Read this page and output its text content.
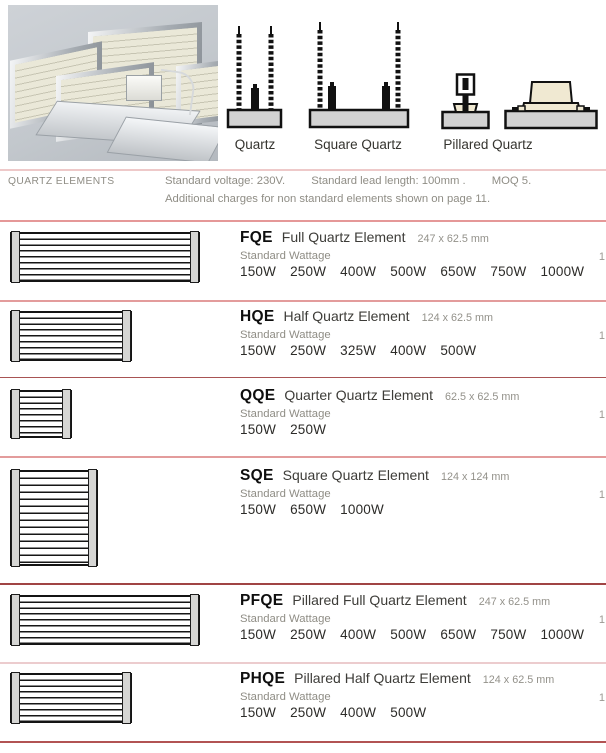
Quartz	Square Quartz	Pillared Quartz
QUARTZ ELEMENTS	Standard voltage: 230V. Standard lead length: 100mm . MOQ 5.
Additional charges for non standard elements shown on page 11.
FQE Full Quartz Element 247 x 62.5 mm
Standard Wattage
150W 250W 400W 500W 650W 750W 1000W
1
HQE Half Quartz Element 124 x 62.5 mm
Standard Wattage
150W 250W 325W 400W 500W
1
QQE Quarter Quartz Element 62.5 x 62.5 mm
Standard Wattage
150W 250W
1
SQE Square Quartz Element 124 x 124 mm
Standard Wattage
150W 650W 1000W
1
PFQE Pillared Full Quartz Element 247 x 62.5 mm
Standard Wattage
150W 250W 400W 500W 650W 750W 1000W
1
PHQE Pillared Half Quartz Element 124 x 62.5 mm
Standard Wattage
150W 250W 400W 500W
1
